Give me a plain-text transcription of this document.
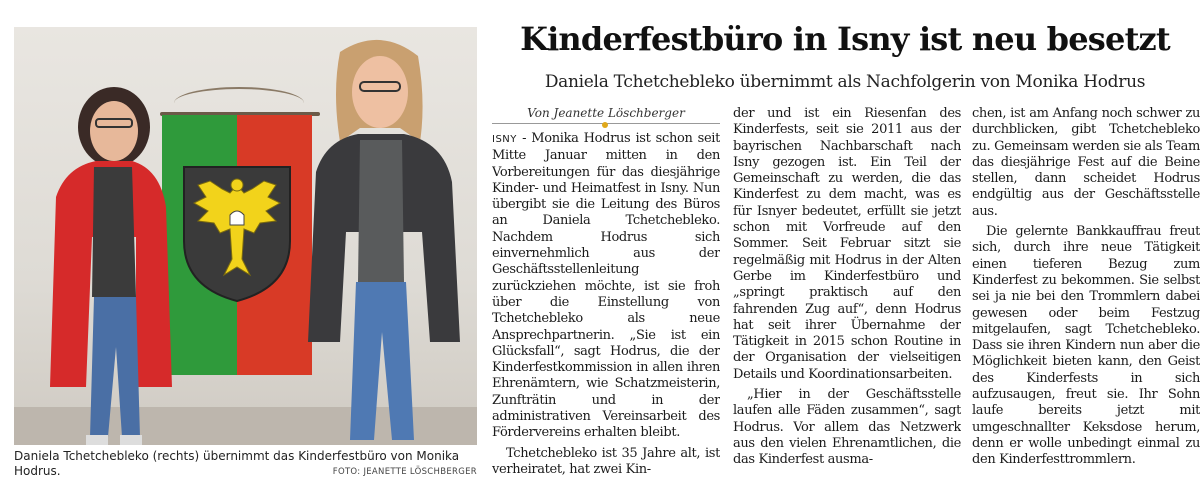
Daniela Tchetchebleko (rechts) übernimmt das Kinderfestbüro von Monika Hodrus.	FOTO: JEANETTE LÖSCHBERGER
Kinderfestbüro in Isny ist neu besetzt
Daniela Tchetchebleko übernimmt als Nachfolgerin von Monika Hodrus
Von Jeanette Löschberger

ISNY - Monika Hodrus ist schon seit Mitte Januar mitten in den Vorbereitungen für das diesjährige Kinder- und Heimatfest in Isny. Nun übergibt sie die Leitung des Büros an Daniela Tchetchebleko. Nachdem Hodrus sich einvernehmlich aus der Geschäftsstellenleitung zurückziehen möchte, ist sie froh über die Einstellung von Tchetchebleko als neue Ansprechpartnerin. „Sie ist ein Glücksfall“, sagt Hodrus, die der Kinderfestkommission in allen ihren Ehrenämtern, wie Schatzmeisterin, Zunfträtin und in der administrativen Vereinsarbeit des Fördervereins erhalten bleibt.

Tchetchebleko ist 35 Jahre alt, ist verheiratet, hat zwei Kin-

der und ist ein Riesenfan des Kinderfests, seit sie 2011 aus der bayrischen Nachbarschaft nach Isny gezogen ist. Ein Teil der Gemeinschaft zu werden, die das Kinderfest zu dem macht, was es für Isnyer bedeutet, erfüllt sie jetzt schon mit Vorfreude auf den Sommer. Seit Februar sitzt sie regelmäßig mit Hodrus in der Alten Gerbe im Kinderfestbüro und „springt praktisch auf den fahrenden Zug auf“, denn Hodrus hat seit ihrer Übernahme der Tätigkeit in 2015 schon Routine in der Organisation der vielseitigen Details und Koordinationsarbeiten.

„Hier in der Geschäftsstelle laufen alle Fäden zusammen“, sagt Hodrus. Vor allem das Netzwerk aus den vielen Ehrenamtlichen, die das Kinderfest ausma-

chen, ist am Anfang noch schwer zu durchblicken, gibt Tchetchebleko zu. Gemeinsam werden sie als Team das diesjährige Fest auf die Beine stellen, dann scheidet Hodrus endgültig aus der Geschäftsstelle aus.

Die gelernte Bankkauffrau freut sich, durch ihre neue Tätigkeit einen tieferen Bezug zum Kinderfest zu bekommen. Sie selbst sei ja nie bei den Trommlern dabei gewesen oder beim Festzug mitgelaufen, sagt Tchetchebleko. Dass sie ihren Kindern nun aber die Möglichkeit bieten kann, den Geist des Kinderfests in sich aufzusaugen, freut sie. Ihr Sohn laufe bereits jetzt mit umgeschnallter Keksdose herum, denn er wolle unbedingt einmal zu den Kinderfesttrommlern.
